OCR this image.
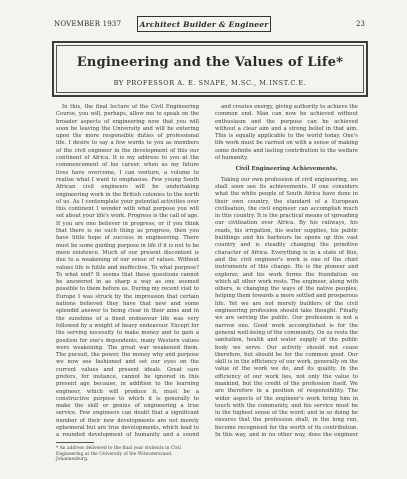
NOVEMBER 1937	Architect Builder & Engineer	23
Engineering and the Values of Life*
BY PROFESSOR A. E. SNAPE, M.SC., M.INST.C.E.

In this, the final lecture of the Civil Engineering Course, you will, perhaps, allow me to speak on the broader aspects of engineering now that you will soon be leaving the University and will be entering upon the more responsible duties of professional life. I desire to say a few words to you as members of the civil engineer in the development of this our continent of Africa. It is my address to you at the commencement of his career, when as my future lives have overcome, I can venture, a volume to realise what I want to emphasise. Few young South African civil engineers will be undertaking engineering work in the British colonies to the north of us. As I contemplate your potential activities over this continent I wonder with what purpose you will set about your life's work. Progress is the call of age. If you are one believer in progress, or if you think that there is no such thing as progress, then you have little hope of success in engineering. There must be some guiding purpose in life if it is not to be mere existence. Much of our present discontent is due to a weakening of our sense of values. Without values life is futile and ineffective. To what purpose? To what end? It seems that these questions cannot be answered in as sharp a way as one seemed possible to them before us. During my recent visit to Europe I was struck by the impression that certain nations believed they have that new and some splendid answer to being clear in their aims and in the sunshine of a fixed endeavour life was very followed by a weight of heavy endeavour. Except for the serving necessity to make money and to gain a position for one's dependents, many Western values were weakening. The great war weakened them. The pursuit, the power, the money why and purpose we now see fashioned and set our eyes on the current values and present ideals. Great care prefers, for instance, cannot be ignored in this present age because, in addition to the learning engineer, which will produce it, must be a constructive purpose to which it is generally to make the skill or genius of engineering a true service. Few engineers can doubt that a significant number of their new developments are not merely ephemeral but are true developments, which lead to a rounded development of humanity and a sound

and creates energy, giving authority to achieve the common end. Man can now be achieved without enthusiasm and the purpose can be achieved without a clear aim and a strong belief in that aim. This is equally applicable to the world today. One's life work must be carried on with a sense of making some definite and lasting contribution to the welfare of humanity.

Civil Engineering Achievements.

Taking our own profession of civil engineering, we shall soon see its achievements. If one considers what the white people of South Africa have done in their own country, the standard of a European civilisation, the civil engineer can accomplish much in this country. It is the practical means of spreading our civilisation over Africa. By his railways, his roads, his irrigation, his water supplies, his public buildings and his harbours he opens up this vast country and is steadily changing the primitive character of Africa. Everything is in a state of flux, and the civil engineer's work is one of the chief instruments of this change. He is the pioneer and explorer, and his work forms the foundation on which all other work rests. The engineer, along with others, is changing the ways of the native peoples, helping them towards a more settled and prosperous life. Yet we are not merely builders of the civil engineering profession should take thought. Finally we are serving the public. Our profession is not a narrow one. Good work accomplished is for the general well-being of the community. On us rests the sanitation, health and water supply of the public body we serve. Our activity should not cease therefore, but should be for the common good. Our skill is in the efficiency of our work, generally on the value of the work we do, and its quality. In the efficiency of our work lies, not only the value to mankind, but the credit of the profession itself. We are therefore in a position of responsibility. The wider aspects of the engineer's work bring him in touch with the community, and his service must be in the highest sense of the word; and in so doing he ensures that the profession shall, in the long run, become recognised for the worth of its contribution. In this way, and in no other way, does the engineer

* An address delivered to the final year students in Civil Engineering at the University of the Witwatersrand, Johannesburg.
